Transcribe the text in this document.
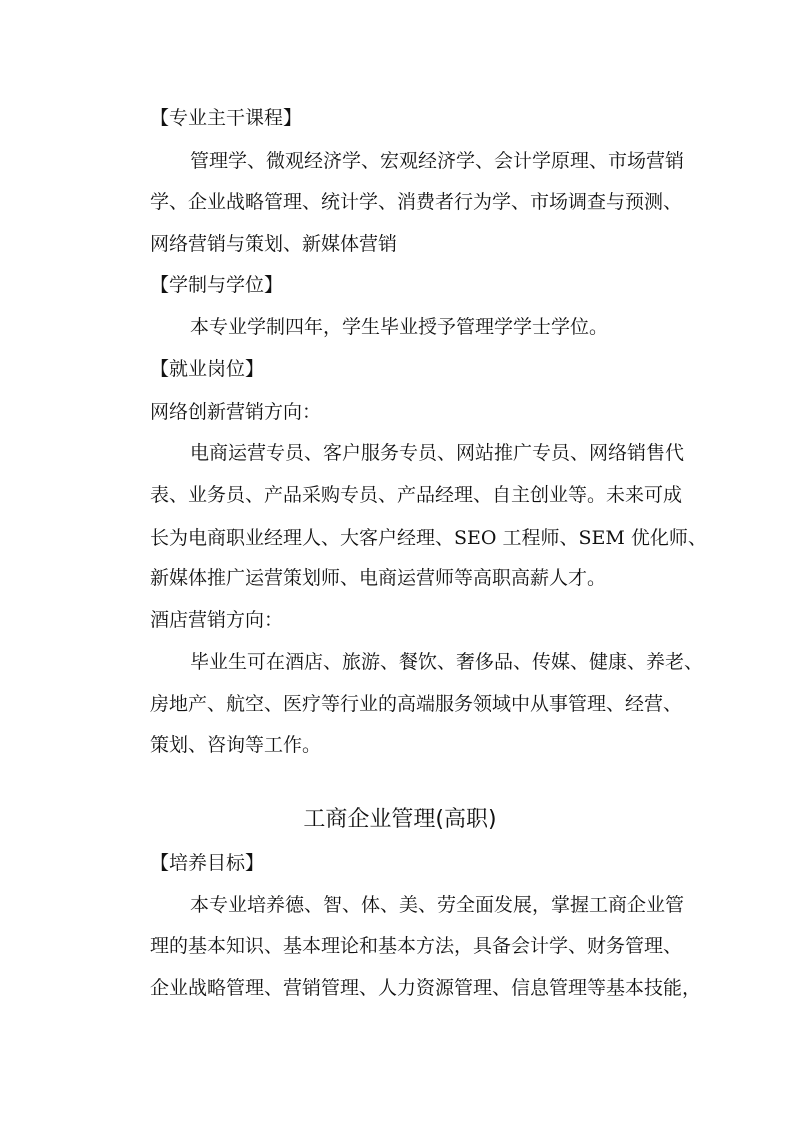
【专业主干课程】
管理学、微观经济学、宏观经济学、会计学原理、市场营销
学、企业战略管理、统计学、消费者行为学、市场调查与预测、
网络营销与策划、新媒体营销
【学制与学位】
本专业学制四年，学生毕业授予管理学学士学位。
【就业岗位】
网络创新营销方向：
电商运营专员、客户服务专员、网站推广专员、网络销售代
表、业务员、产品采购专员、产品经理、自主创业等。未来可成
长为电商职业经理人、大客户经理、SEO 工程师、SEM 优化师、
新媒体推广运营策划师、电商运营师等高职高薪人才。
酒店营销方向：
毕业生可在酒店、旅游、餐饮、奢侈品、传媒、健康、养老、
房地产、航空、医疗等行业的高端服务领域中从事管理、经营、
策划、咨询等工作。
工商企业管理(高职)
【培养目标】
本专业培养德、智、体、美、劳全面发展，掌握工商企业管
理的基本知识、基本理论和基本方法，具备会计学、财务管理、
企业战略管理、营销管理、人力资源管理、信息管理等基本技能，
